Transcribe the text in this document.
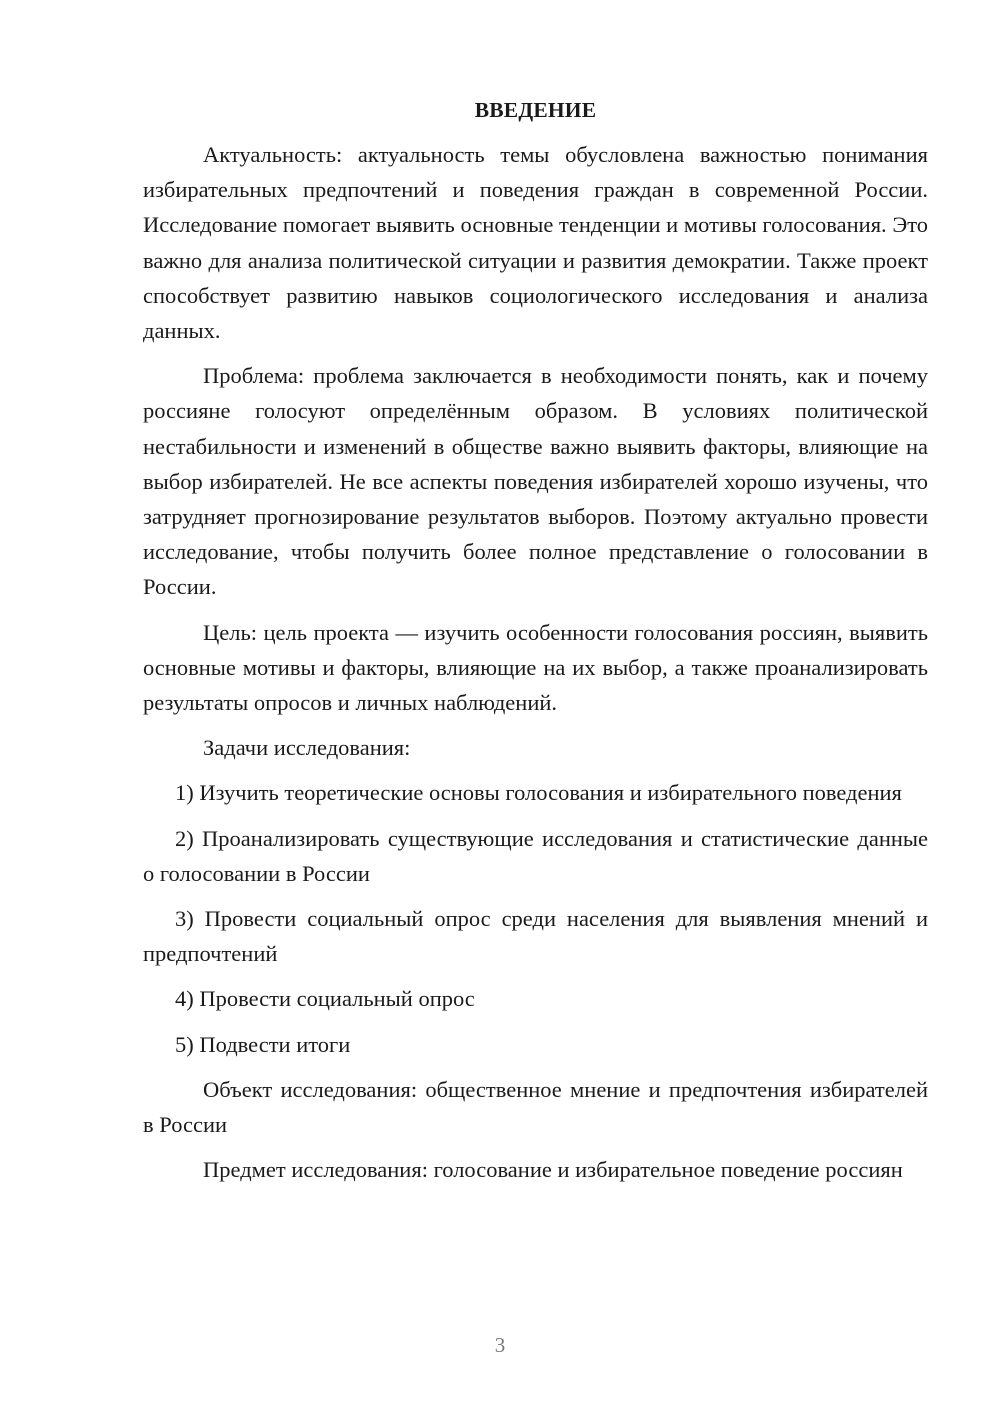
ВВЕДЕНИЕ

Актуальность: актуальность темы обусловлена важностью понимания избирательных предпочтений и поведения граждан в современной России. Исследование помогает выявить основные тенденции и мотивы голосования. Это важно для анализа политической ситуации и развития демократии. Также проект способствует развитию навыков социологического исследования и анализа данных.

Проблема: проблема заключается в необходимости понять, как и почему россияне голосуют определённым образом. В условиях политической нестабильности и изменений в обществе важно выявить факторы, влияющие на выбор избирателей. Не все аспекты поведения избирателей хорошо изучены, что затрудняет прогнозирование результатов выборов. Поэтому актуально провести исследование, чтобы получить более полное представление о голосовании в России.

Цель: цель проекта — изучить особенности голосования россиян, выявить основные мотивы и факторы, влияющие на их выбор, а также проанализировать результаты опросов и личных наблюдений.

Задачи исследования:

1) Изучить теоретические основы голосования и избирательного поведения

2) Проанализировать существующие исследования и статистические данные о голосовании в России

3) Провести социальный опрос среди населения для выявления мнений и предпочтений

4) Провести социальный опрос

5) Подвести итоги

Объект исследования: общественное мнение и предпочтения избирателей в России

Предмет исследования: голосование и избирательное поведение россиян

3
